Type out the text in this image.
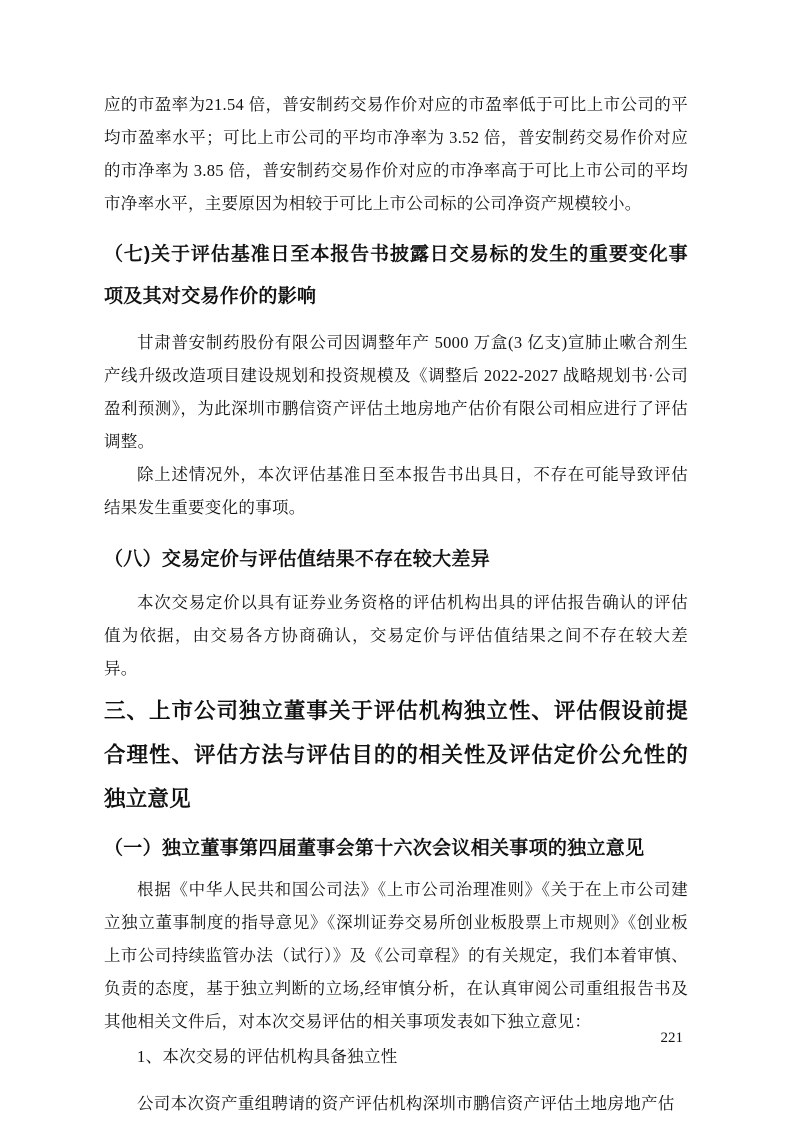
应的市盈率为21.54 倍，普安制药交易作价对应的市盈率低于可比上市公司的平均市盈率水平；可比上市公司的平均市净率为 3.52 倍，普安制药交易作价对应的市净率为 3.85 倍，普安制药交易作价对应的市净率高于可比上市公司的平均市净率水平，主要原因为相较于可比上市公司标的公司净资产规模较小。

（七)关于评估基准日至本报告书披露日交易标的发生的重要变化事项及其对交易作价的影响

甘肃普安制药股份有限公司因调整年产 5000 万盒(3 亿支)宣肺止嗽合剂生产线升级改造项目建设规划和投资规模及《调整后 2022-2027 战略规划书·公司盈利预测》，为此深圳市鹏信资产评估土地房地产估价有限公司相应进行了评估调整。

除上述情况外，本次评估基准日至本报告书出具日，不存在可能导致评估结果发生重要变化的事项。

（八）交易定价与评估值结果不存在较大差异

本次交易定价以具有证券业务资格的评估机构出具的评估报告确认的评估值为依据，由交易各方协商确认，交易定价与评估值结果之间不存在较大差异。

三、上市公司独立董事关于评估机构独立性、评估假设前提合理性、评估方法与评估目的的相关性及评估定价公允性的独立意见
（一）独立董事第四届董事会第十六次会议相关事项的独立意见

根据《中华人民共和国公司法》《上市公司治理准则》《关于在上市公司建立独立董事制度的指导意见》《深圳证券交易所创业板股票上市规则》《创业板上市公司持续监管办法（试行）》及《公司章程》的有关规定，我们本着审慎、负责的态度，基于独立判断的立场,经审慎分析，在认真审阅公司重组报告书及其他相关文件后，对本次交易评估的相关事项发表如下独立意见：

1、本次交易的评估机构具备独立性

公司本次资产重组聘请的资产评估机构深圳市鹏信资产评估土地房地产估

221
